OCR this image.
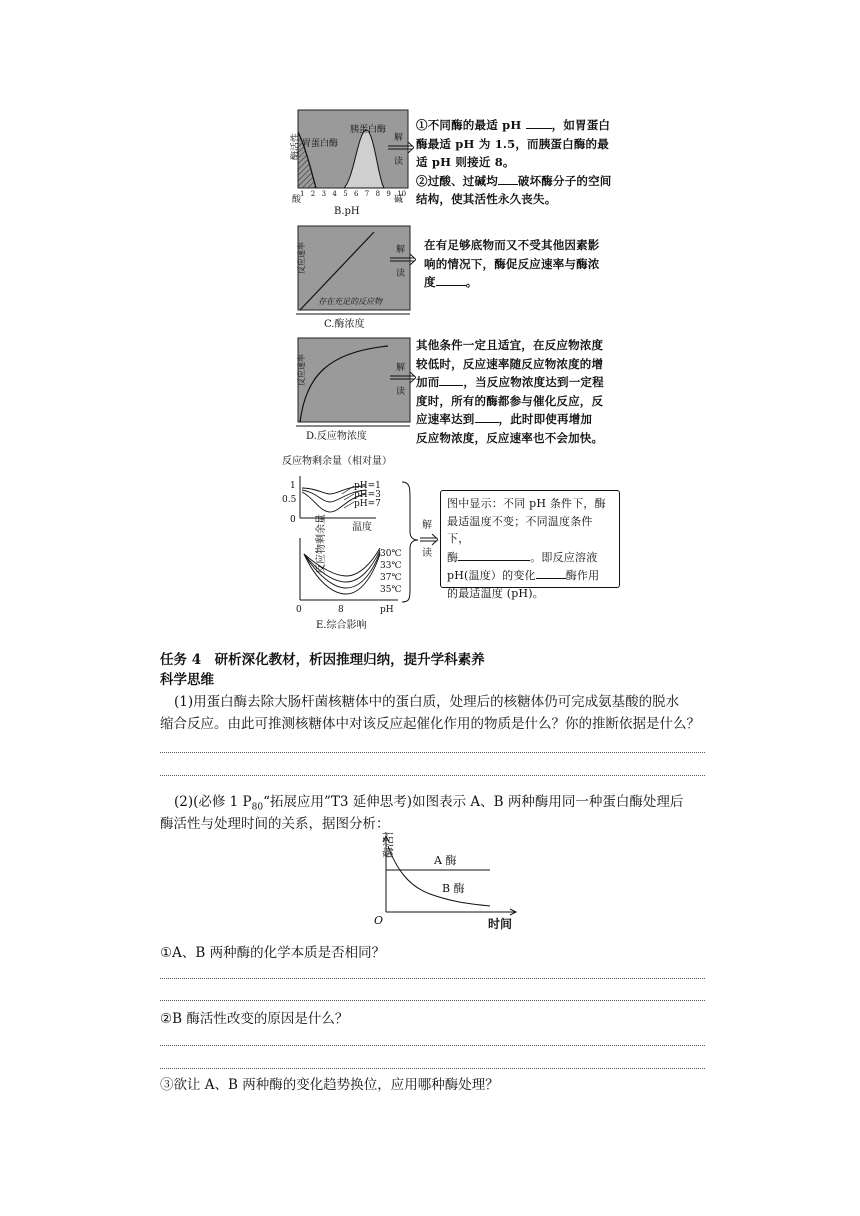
酶活性 胃蛋白酶
胰蛋白酶
1 2 3 4 5 6 7 8 9 10
酸	碱
B.pH
解
读

①不同酶的最适 pH ，如胃蛋白

酶最适 pH 为 1.5，而胰蛋白酶的最

适 pH 则接近 8。

②过酸、过碱均 破坏酶分子的空间

结构，使其活性永久丧失。

反应速率
存在充足的反应物
C.酶浓度
解
读

在有足够底物而又不受其他因素影

响的情况下，酶促反应速率与酶浓

度	。

反应速率
D.反应物浓度
解
读

其他条件一定且适宜，在反应物浓度

较低时，反应速率随反应物浓度的增

加而 ，当反应物浓度达到一定程

度时，所有的酶都参与催化反应，反

应速率达到 ，此时即使再增加

反应物浓度，反应速率也不会加快。

反应物剩余量（相对量）
1
0.5
0
pH=1
pH=3
pH=7
温度
反应物剩余量	30℃
33℃
37℃
35℃
0	8	pH
E.综合影响
解
读

图中显示：不同 pH 条件下，酶

最适温度不变；不同温度条件下，

酶	。即反应溶液

pH(温度）的变化	酶作用

的最适温度 (pH)。

任务 4　研析深化教材，析因推理归纳，提升学科素养
科学思维
(1)用蛋白酶去除大肠杆菌核糖体中的蛋白质，处理后的核糖体仍可完成氨基酸的脱水
缩合反应。由此可推测核糖体中对该反应起催化作用的物质是什么？你的推断依据是什么？
(2)(必修 1 $P_{80}“$拓展应用”T3 延伸思考)如图表示 A、B 两种酶用同一种蛋白酶处理后
酶活性与处理时间的关系，据图分析：
酶活性
A 酶
B 酶
O	时间
①A、B 两种酶的化学本质是否相同？
②B 酶活性改变的原因是什么？
③欲让 A、B 两种酶的变化趋势换位，应用哪种酶处理？
